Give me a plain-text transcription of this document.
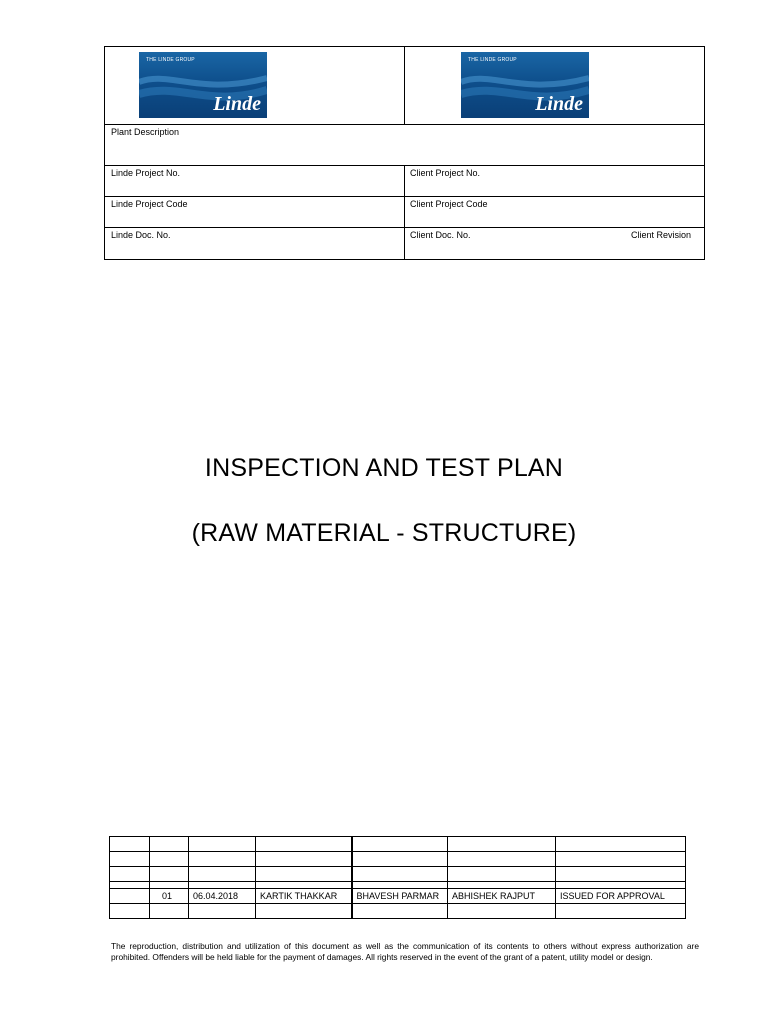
THE LINDE GROUP
Linde
THE LINDE GROUP
Linde
Plant Description
Linde Project No.	Client Project No.
Linde Project Code	Client Project Code
Linde Doc. No.	Client Doc. No.	Client Revision
INSPECTION AND TEST PLAN
(RAW MATERIAL - STRUCTURE)

	01	06.04.2018	KARTIK THAKKAR	BHAVESH PARMAR	ABHISHEK RAJPUT	ISSUED FOR APPROVAL

The reproduction, distribution and utilization of this document as well as the communication of its contents to others without express authorization are prohibited. Offenders will be held liable for the payment of damages. All rights reserved in the event of the grant of a patent, utility model or design.
